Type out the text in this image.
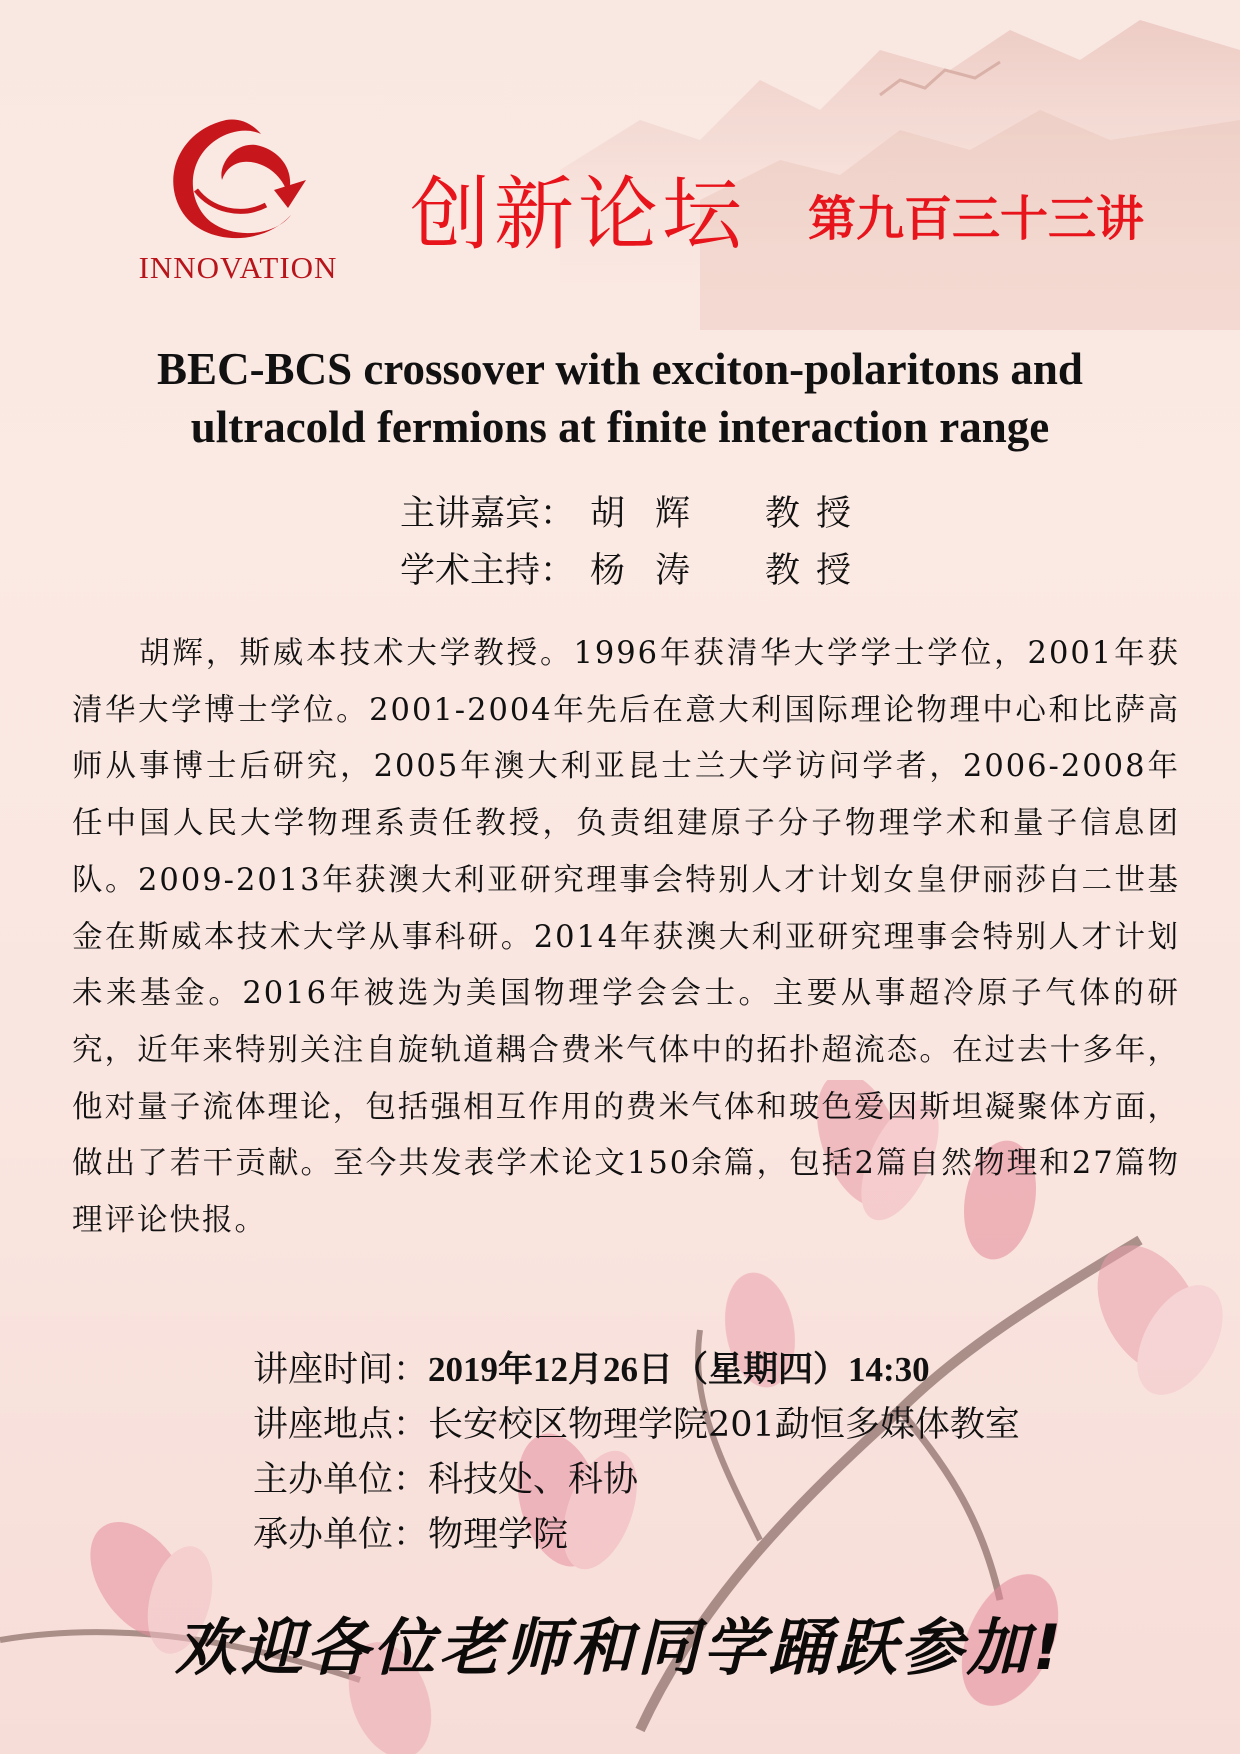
INNOVATION
创新论坛 第九百三十三讲
BEC-BCS crossover with exciton-polaritons and
ultracold fermions at finite interaction range
主讲嘉宾： 胡辉 教授
学术主持： 杨涛 教授
胡辉，斯威本技术大学教授。1996年获清华大学学士学位，2001年获清华大学博士学位。2001-2004年先后在意大利国际理论物理中心和比萨高师从事博士后研究，2005年澳大利亚昆士兰大学访问学者，2006-2008年任中国人民大学物理系责任教授，负责组建原子分子物理学术和量子信息团队。2009-2013年获澳大利亚研究理事会特别人才计划女皇伊丽莎白二世基金在斯威本技术大学从事科研。2014年获澳大利亚研究理事会特别人才计划未来基金。2016年被选为美国物理学会会士。主要从事超冷原子气体的研究，近年来特别关注自旋轨道耦合费米气体中的拓扑超流态。在过去十多年，他对量子流体理论，包括强相互作用的费米气体和玻色爱因斯坦凝聚体方面，做出了若干贡献。至今共发表学术论文150余篇，包括2篇自然物理和27篇物理评论快报。
讲座时间：2019年12月26日（星期四）14:30
讲座地点：长安校区物理学院201勐恒多媒体教室
主办单位：科技处、科协
承办单位：物理学院
欢迎各位老师和同学踊跃参加!
